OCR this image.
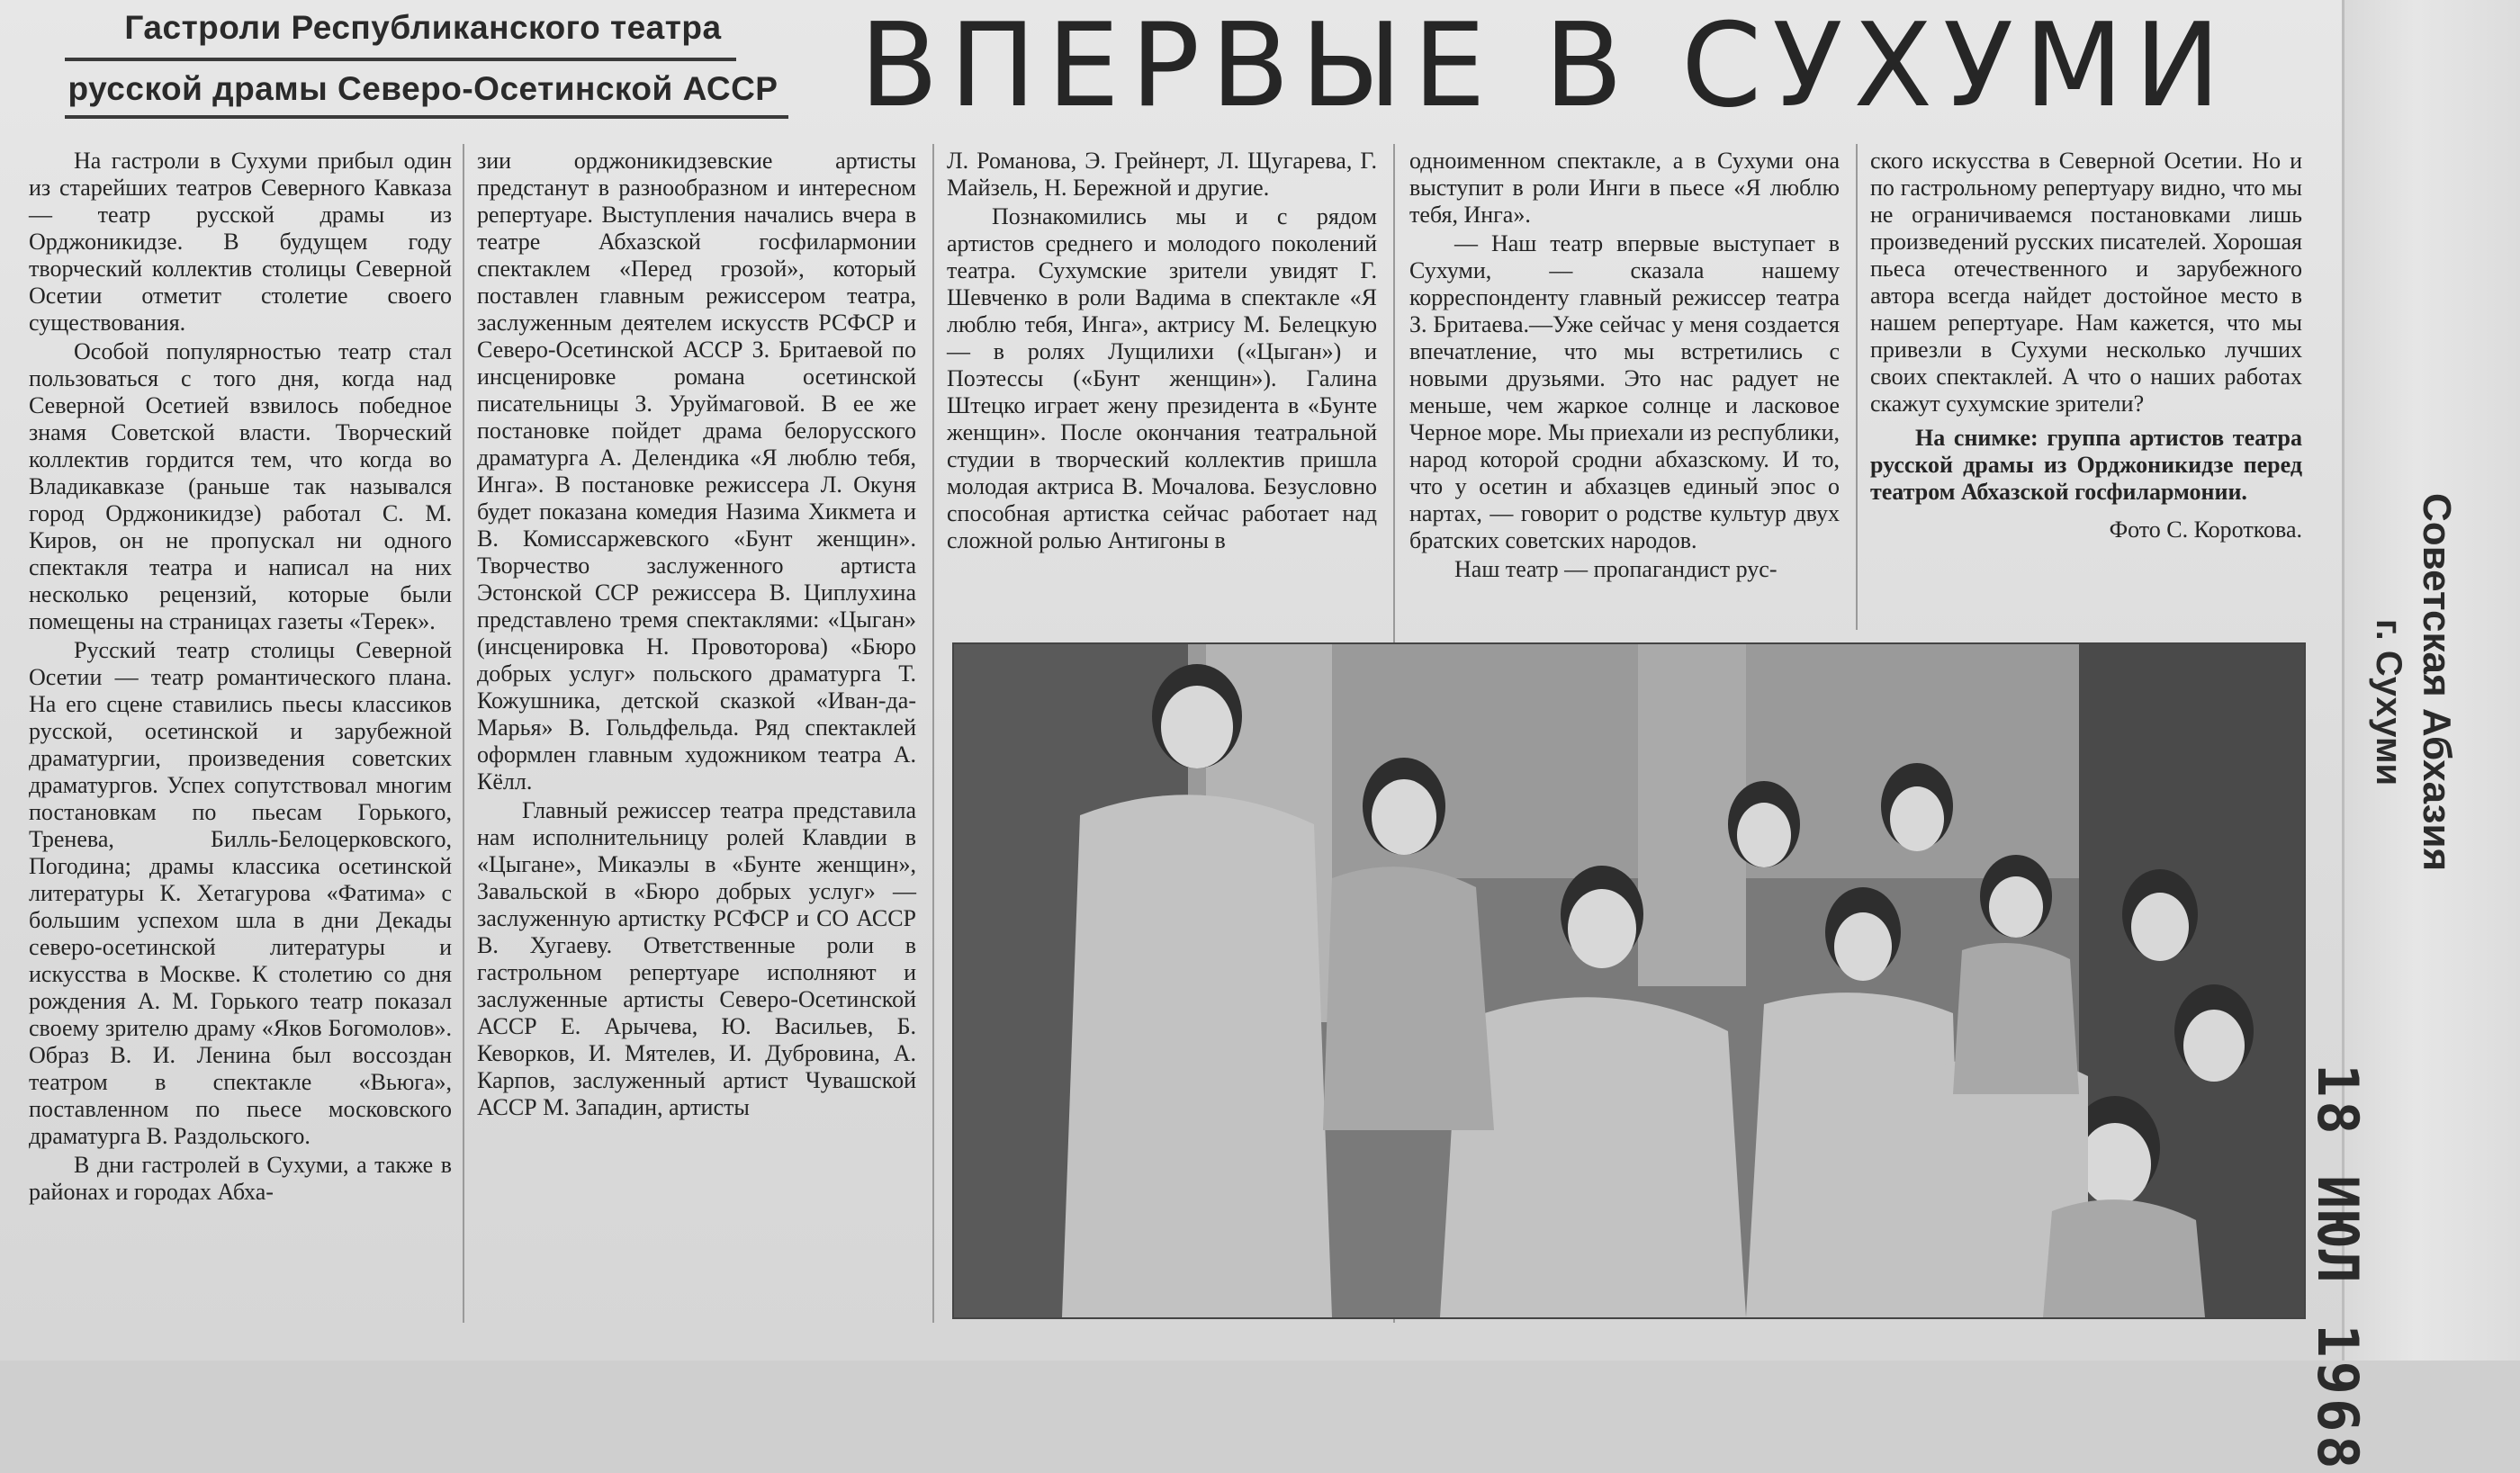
Гастроли Республиканского театра
русской драмы Северо-Осетинской АССР ВПЕРВЫЕ В СУХУМИ

На гастроли в Сухуми прибыл один из старейших театров Северного Кавказа — театр русской драмы из Орджоникидзе. В будущем году творческий коллектив столицы Северной Осетии отметит столетие своего существования.

Особой популярностью театр стал пользоваться с того дня, когда над Северной Осетией взвилось победное знамя Советской власти. Творческий коллектив гордится тем, что когда во Владикавказе (раньше так назывался город Орджоникидзе) работал С. М. Киров, он не пропускал ни одного спектакля театра и написал на них несколько рецензий, которые были помещены на страницах газеты «Терек».

Русский театр столицы Северной Осетии — театр романтического плана. На его сцене ставились пьесы классиков русской, осетинской и зарубежной драматургии, произведения советских драматургов. Успех сопутствовал многим постановкам по пьесам Горького, Тренева, Билль-Белоцерковского, Погодина; драмы классика осетинской литературы К. Хетагурова «Фатима» с большим успехом шла в дни Декады северо-осетинской литературы и искусства в Москве. К столетию со дня рождения А. М. Горького театр показал своему зрителю драму «Яков Богомолов». Образ В. И. Ленина был воссоздан театром в спектакле «Вьюга», поставленном по пьесе московского драматурга В. Раздольского.

В дни гастролей в Сухуми, а также в районах и городах Абха-

зии орджоникидзевские артисты предстанут в разнообразном и интересном репертуаре. Выступления начались вчера в театре Абхазской госфилармонии спектаклем «Перед грозой», который поставлен главным режиссером театра, заслуженным деятелем искусств РСФСР и Северо-Осетинской АССР З. Бритаевой по инсценировке романа осетинской писательницы З. Уруймаговой. В ее же постановке пойдет драма белорусского драматурга А. Делендика «Я люблю тебя, Инга». В постановке режиссера Л. Окуня будет показана комедия Назима Хикмета и В. Комиссаржевского «Бунт женщин». Творчество заслуженного артиста Эстонской ССР режиссера В. Циплухина представлено тремя спектаклями: «Цыган» (инсценировка Н. Провоторова) «Бюро добрых услуг» польского драматурга Т. Кожушника, детской сказкой «Иван-да-Марья» В. Гольдфельда. Ряд спектаклей оформлен главным художником театра А. Кёлл.

Главный режиссер театра представила нам исполнительницу ролей Клавдии в «Цыгане», Микаэлы в «Бунте женщин», Завальской в «Бюро добрых услуг» — заслуженную артистку РСФСР и СО АССР В. Хугаеву. Ответственные роли в гастрольном репертуаре исполняют и заслуженные артисты Северо-Осетинской АССР Е. Арычева, Ю. Васильев, Б. Кеворков, И. Мятелев, И. Дубровина, А. Карпов, заслуженный артист Чувашской АССР М. Западин, артисты

Л. Романова, Э. Грейнерт, Л. Щугарева, Г. Майзель, Н. Бережной и другие.

Познакомились мы и с рядом артистов среднего и молодого поколений театра. Сухумские зрители увидят Г. Шевченко в роли Вадима в спектакле «Я люблю тебя, Инга», актрису М. Белецкую — в ролях Лущилихи («Цыган») и Поэтессы («Бунт женщин»). Галина Штецко играет жену президента в «Бунте женщин». После окончания театральной студии в творческий коллектив пришла молодая актриса В. Мочалова. Безусловно способная артистка сейчас работает над сложной ролью Антигоны в

одноименном спектакле, а в Сухуми она выступит в роли Инги в пьесе «Я люблю тебя, Инга».

— Наш театр впервые выступает в Сухуми, — сказала нашему корреспонденту главный режиссер театра З. Бритаева.—Уже сейчас у меня создается впечатление, что мы встретились с новыми друзьями. Это нас радует не меньше, чем жаркое солнце и ласковое Черное море. Мы приехали из республики, народ которой сродни абхазскому. И то, что у осетин и абхазцев единый эпос о нартах, — говорит о родстве культур двух братских советских народов.

Наш театр — пропагандист рус-

ского искусства в Северной Осетии. Но и по гастрольному репертуару видно, что мы не ограничиваемся постановками лишь произведений русских писателей. Хорошая пьеса отечественного и зарубежного автора всегда найдет достойное место в нашем репертуаре. Нам кажется, что мы привезли в Сухуми несколько лучших своих спектаклей. А что о наших работах скажут сухумские зрители?

На снимке: группа артистов театра русской драмы из Орджоникидзе перед театром Абхазской госфилармонии.
Фото С. Короткова.	Советская Абхазия
г. Сухуми
18 ИЮЛ 1968
